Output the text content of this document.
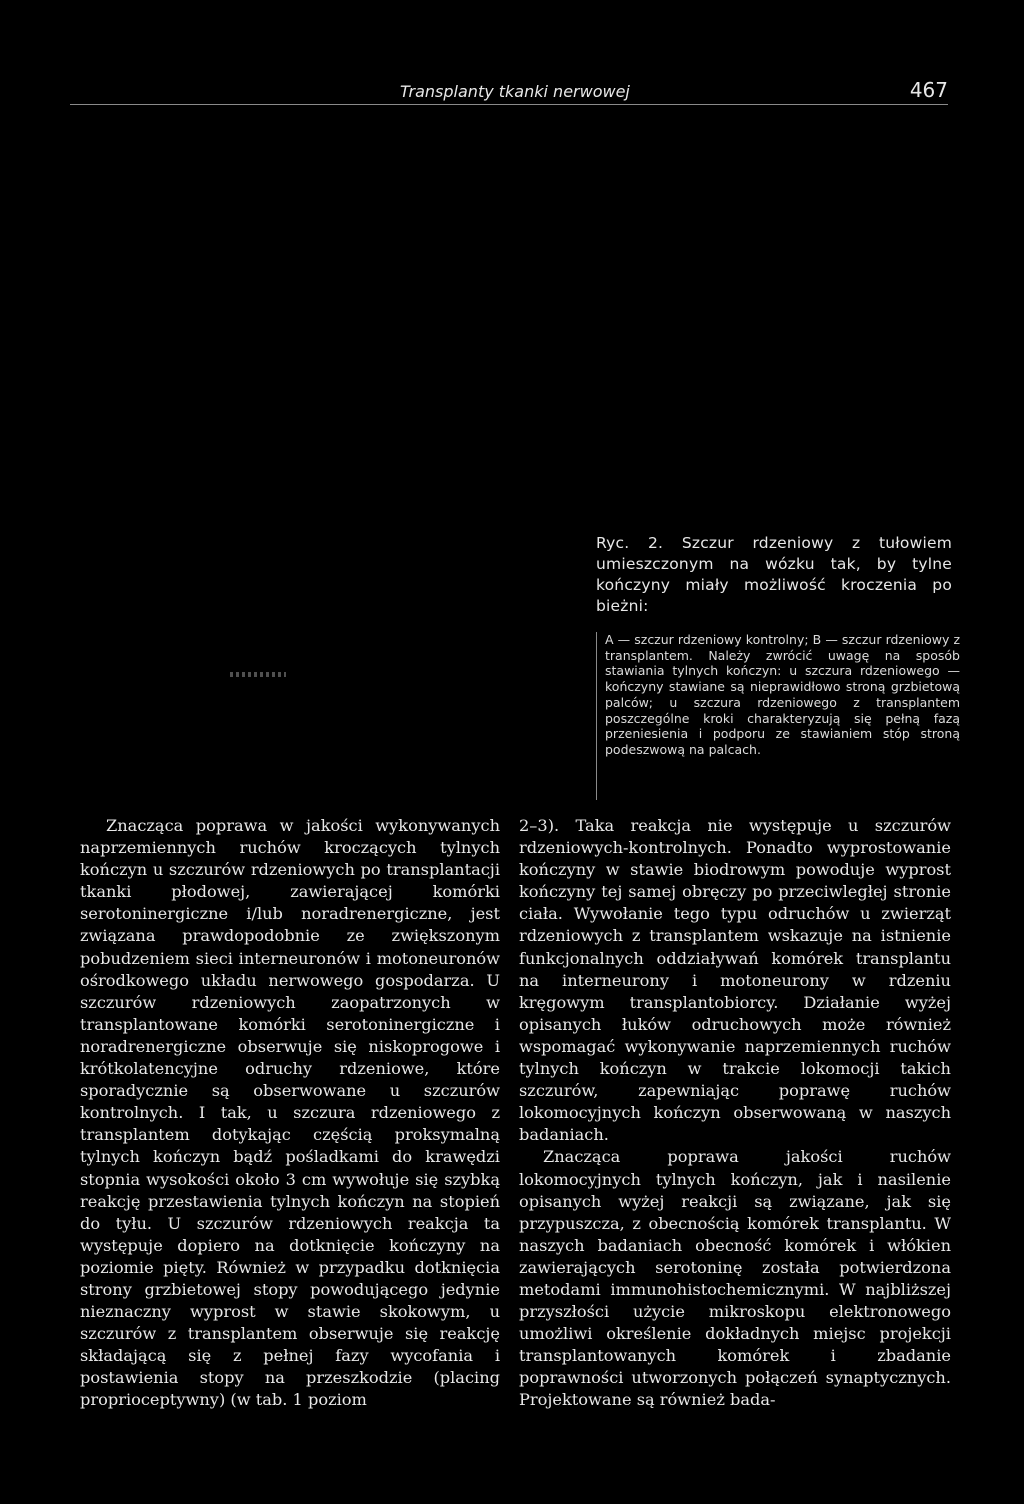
Transplanty tkanki nerwowej	467
Ryc. 2. Szczur rdzeniowy z tułowiem umieszczonym na wózku tak, by tylne kończyny miały możliwość kroczenia po bieżni:
A — szczur rdzeniowy kontrolny; B — szczur rdzeniowy z transplantem. Należy zwrócić uwagę na sposób stawiania tylnych kończyn: u szczura rdzeniowego — kończyny stawiane są nieprawidłowo stroną grzbietową palców; u szczura rdzeniowego z transplantem poszczególne kroki charakteryzują się pełną fazą przeniesienia i podporu ze stawianiem stóp stroną podeszwową na palcach.

Znacząca poprawa w jakości wykonywanych naprzemiennych ruchów kroczących tylnych kończyn u szczurów rdzeniowych po transplantacji tkanki płodowej, zawierającej komórki serotoninergiczne i/lub noradrenergiczne, jest związana prawdopodobnie ze zwiększonym pobudzeniem sieci interneuronów i motoneuronów ośrodkowego układu nerwowego gospodarza. U szczurów rdzeniowych zaopatrzonych w transplantowane komórki serotoninergiczne i noradrenergiczne obserwuje się niskoprogowe i krótkolatencyjne odruchy rdzeniowe, które sporadycznie są obserwowane u szczurów kontrolnych. I tak, u szczura rdzeniowego z transplantem dotykając częścią proksymalną tylnych kończyn bądź pośladkami do krawędzi stopnia wysokości około 3 cm wywołuje się szybką reakcję przestawienia tylnych kończyn na stopień do tyłu. U szczurów rdzeniowych reakcja ta występuje dopiero na dotknięcie kończyny na poziomie pięty. Również w przypadku dotknięcia strony grzbietowej stopy powodującego jedynie nieznaczny wyprost w stawie skokowym, u szczurów z transplantem obserwuje się reakcję składającą się z pełnej fazy wycofania i postawienia stopy na przeszkodzie (placing proprioceptywny) (w tab. 1 poziom

2–3). Taka reakcja nie występuje u szczurów rdzeniowych-kontrolnych. Ponadto wyprostowanie kończyny w stawie biodrowym powoduje wyprost kończyny tej samej obręczy po przeciwległej stronie ciała. Wywołanie tego typu odruchów u zwierząt rdzeniowych z transplantem wskazuje na istnienie funkcjonalnych oddziaływań komórek transplantu na interneurony i motoneurony w rdzeniu kręgowym transplantobiorcy. Działanie wyżej opisanych łuków odruchowych może również wspomagać wykonywanie naprzemiennych ruchów tylnych kończyn w trakcie lokomocji takich szczurów, zapewniając poprawę ruchów lokomocyjnych kończyn obserwowaną w naszych badaniach.

Znacząca poprawa jakości ruchów lokomocyjnych tylnych kończyn, jak i nasilenie opisanych wyżej reakcji są związane, jak się przypuszcza, z obecnością komórek transplantu. W naszych badaniach obecność komórek i włókien zawierających serotoninę została potwierdzona metodami immunohistochemicznymi. W najbliższej przyszłości użycie mikroskopu elektronowego umożliwi określenie dokładnych miejsc projekcji transplantowanych komórek i zbadanie poprawności utworzonych połączeń synaptycznych. Projektowane są również bada-
